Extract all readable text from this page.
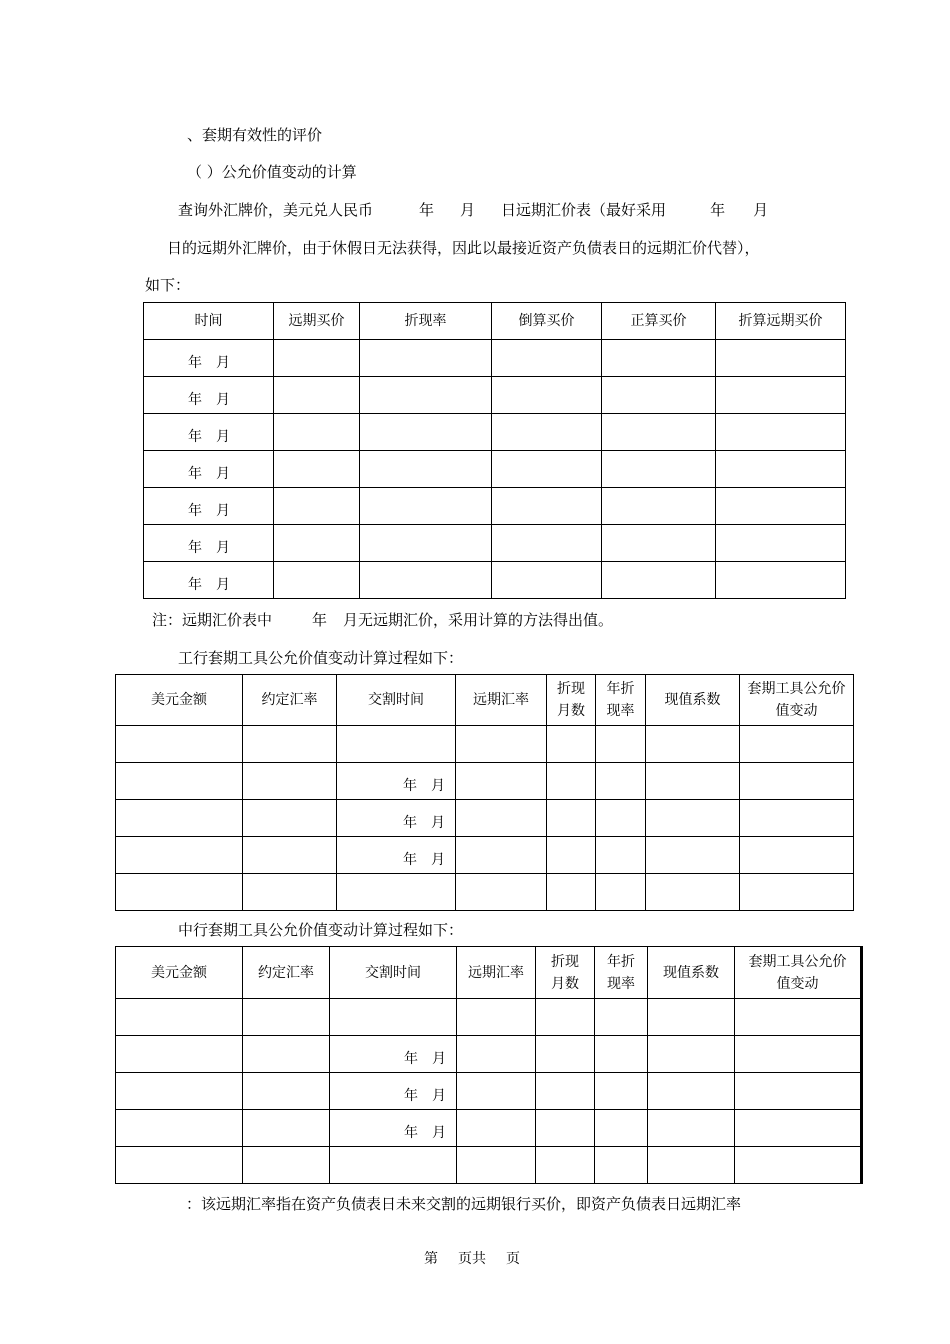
、套期有效性的评价
（ ）公允价值变动的计算
查询外汇牌价，美元兑人民币	年 月 日远期汇价表（最好采用	年 月
日的远期外汇牌价，由于休假日无法获得，因此以最接近资产负债表日的远期汇价代替），
如下：
时间	远期买价	折现率	倒算买价	正算买价	折算远期买价
年 月					
年 月					
年 月					
年 月					
年 月					
年 月					
年 月					
注：远期汇价表中	年 月无远期汇价，采用计算的方法得出值。
工行套期工具公允价值变动计算过程如下：
美元金额	约定汇率	交割时间	远期汇率	折现月数	年折现率	现值系数	套期工具公允价值变动

		年 月					
		年 月					
		年 月					

中行套期工具公允价值变动计算过程如下：
美元金额	约定汇率	交割时间	远期汇率	折现月数	年折现率	现值系数	套期工具公允价值变动

		年 月					
		年 月					
		年 月					

：该远期汇率指在资产负债表日未来交割的远期银行买价，即资产负债表日远期汇率
第 页共 页
